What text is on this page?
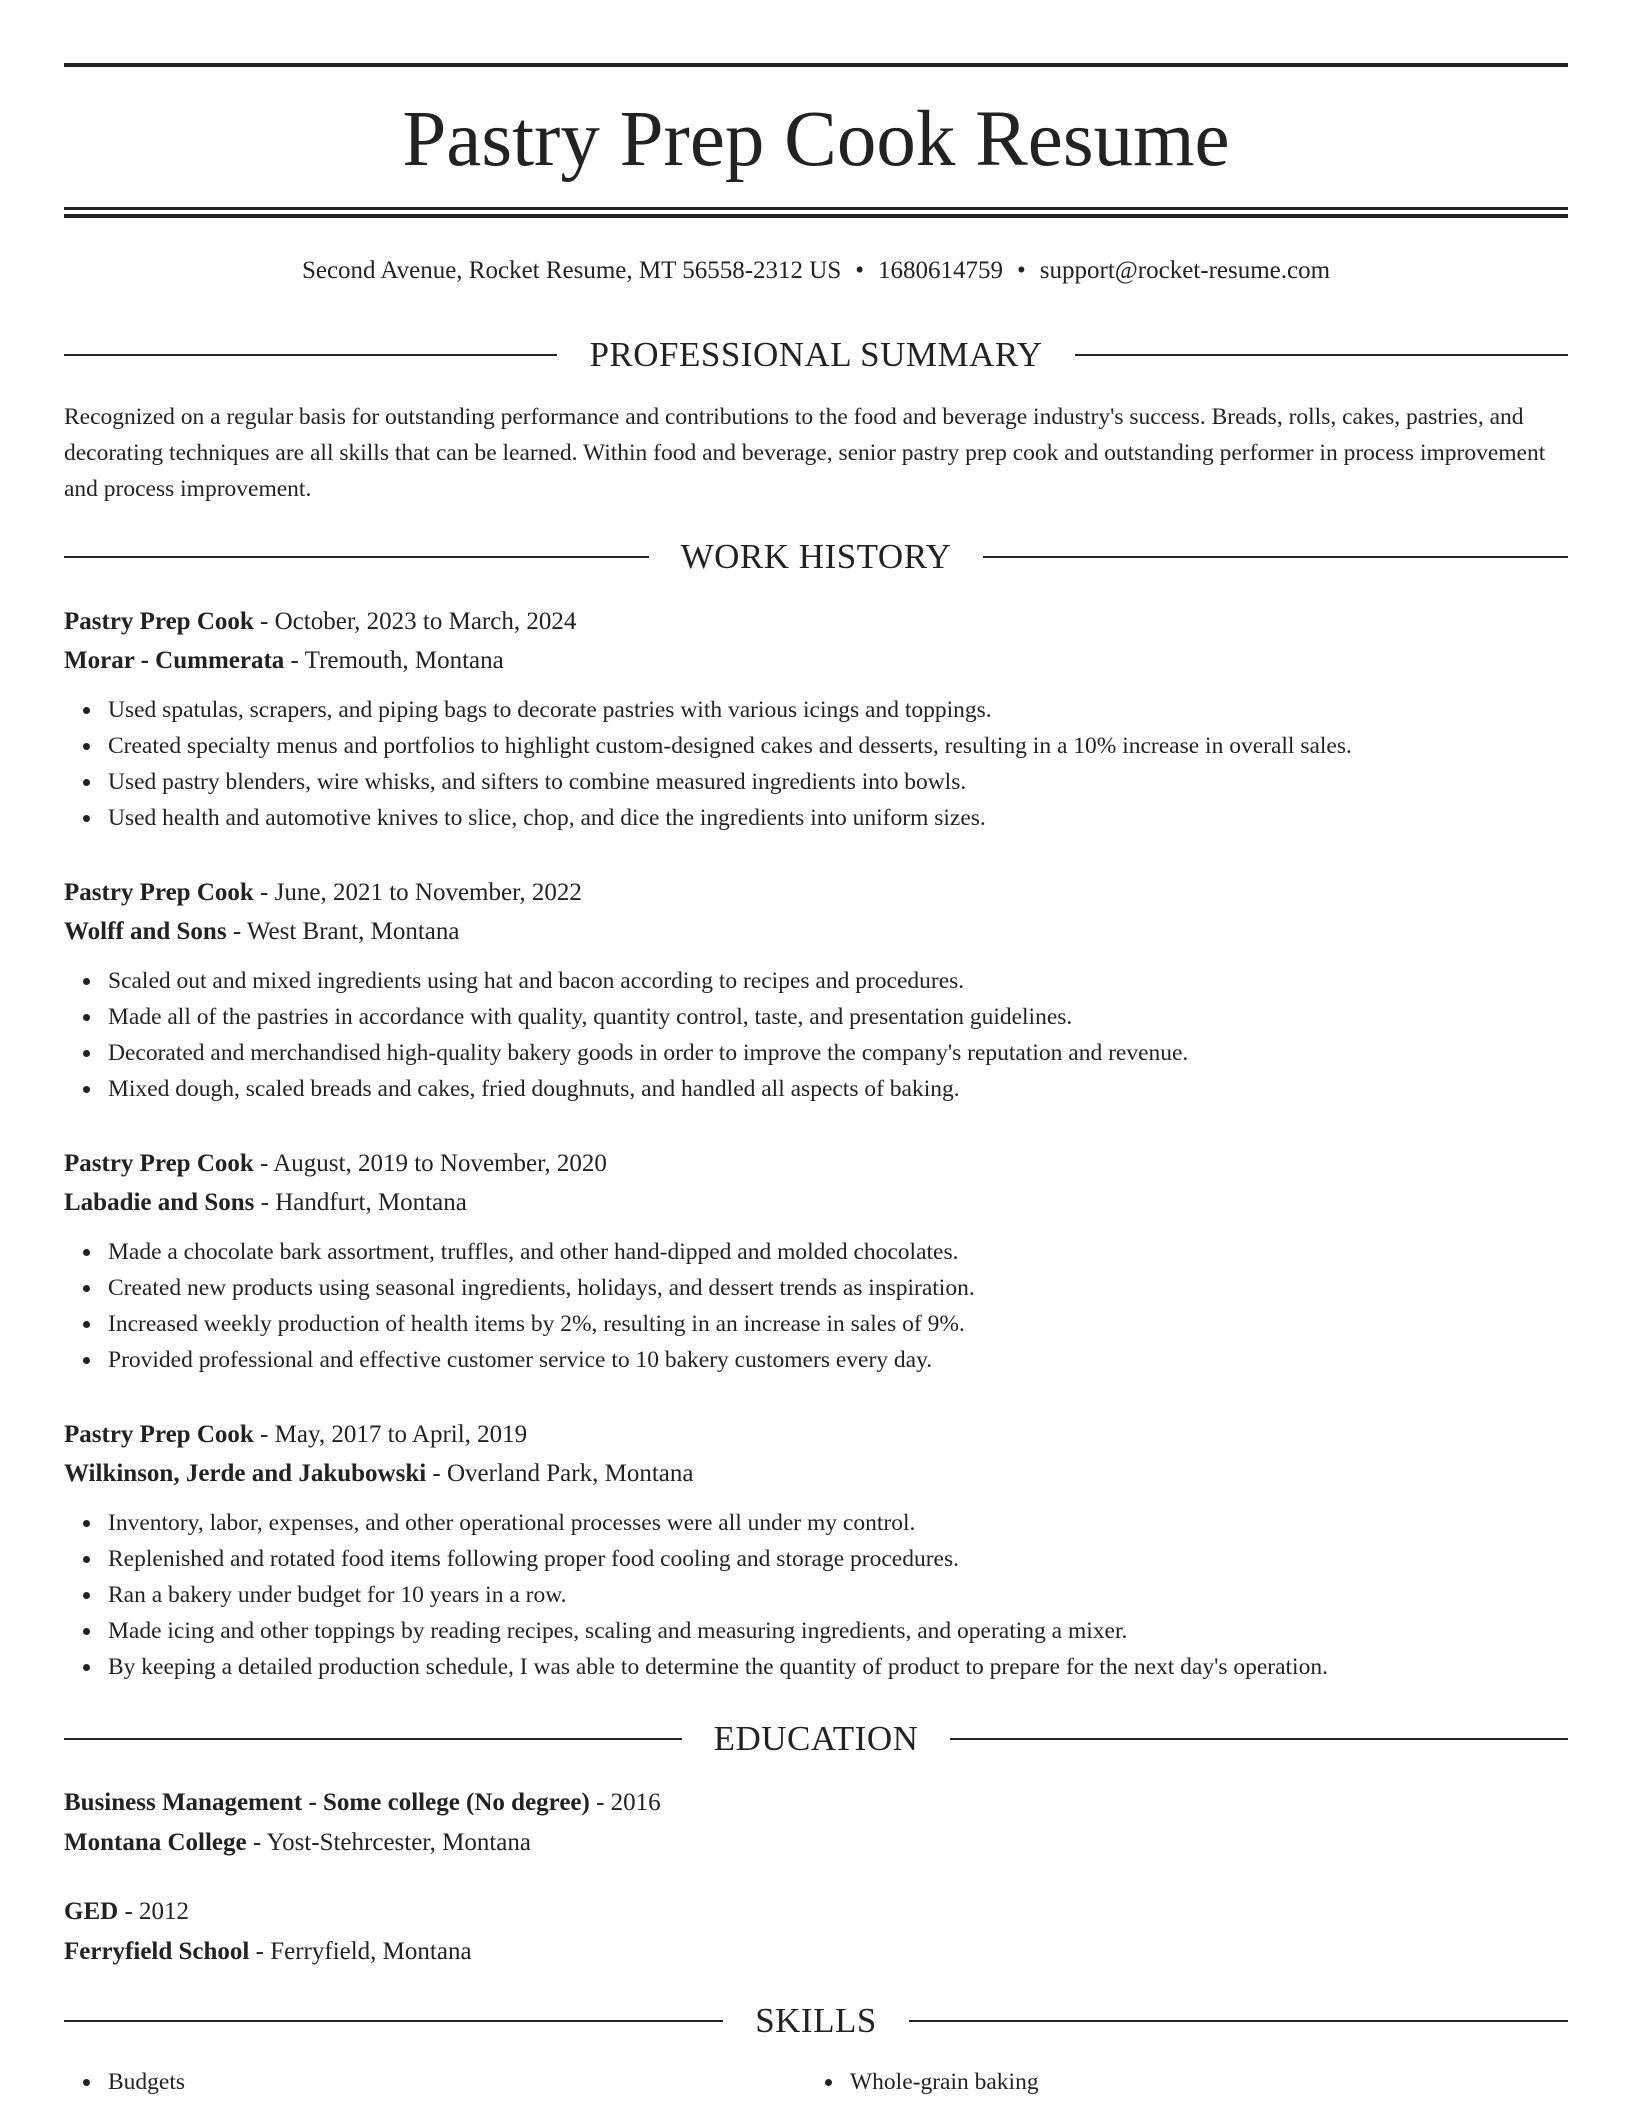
Pastry Prep Cook Resume
Second Avenue, Rocket Resume, MT 56558-2312 US • 1680614759 • support@rocket-resume.com
PROFESSIONAL SUMMARY

Recognized on a regular basis for outstanding performance and contributions to the food and beverage industry's success. Breads, rolls, cakes, pastries, and decorating techniques are all skills that can be learned. Within food and beverage, senior pastry prep cook and outstanding performer in process improvement and process improvement.

WORK HISTORY
Pastry Prep Cook - October, 2023 to March, 2024
Morar - Cummerata - Tremouth, Montana
Used spatulas, scrapers, and piping bags to decorate pastries with various icings and toppings.
Created specialty menus and portfolios to highlight custom-designed cakes and desserts, resulting in a 10% increase in overall sales.
Used pastry blenders, wire whisks, and sifters to combine measured ingredients into bowls.
Used health and automotive knives to slice, chop, and dice the ingredients into uniform sizes.
Pastry Prep Cook - June, 2021 to November, 2022
Wolff and Sons - West Brant, Montana
Scaled out and mixed ingredients using hat and bacon according to recipes and procedures.
Made all of the pastries in accordance with quality, quantity control, taste, and presentation guidelines.
Decorated and merchandised high-quality bakery goods in order to improve the company's reputation and revenue.
Mixed dough, scaled breads and cakes, fried doughnuts, and handled all aspects of baking.
Pastry Prep Cook - August, 2019 to November, 2020
Labadie and Sons - Handfurt, Montana
Made a chocolate bark assortment, truffles, and other hand-dipped and molded chocolates.
Created new products using seasonal ingredients, holidays, and dessert trends as inspiration.
Increased weekly production of health items by 2%, resulting in an increase in sales of 9%.
Provided professional and effective customer service to 10 bakery customers every day.
Pastry Prep Cook - May, 2017 to April, 2019
Wilkinson, Jerde and Jakubowski - Overland Park, Montana
Inventory, labor, expenses, and other operational processes were all under my control.
Replenished and rotated food items following proper food cooling and storage procedures.
Ran a bakery under budget for 10 years in a row.
Made icing and other toppings by reading recipes, scaling and measuring ingredients, and operating a mixer.
By keeping a detailed production schedule, I was able to determine the quantity of product to prepare for the next day's operation.
EDUCATION
Business Management - Some college (No degree) - 2016
Montana College - Yost-Stehrcester, Montana
GED - 2012
Ferryfield School - Ferryfield, Montana
SKILLS
Budgets	Whole-grain baking
